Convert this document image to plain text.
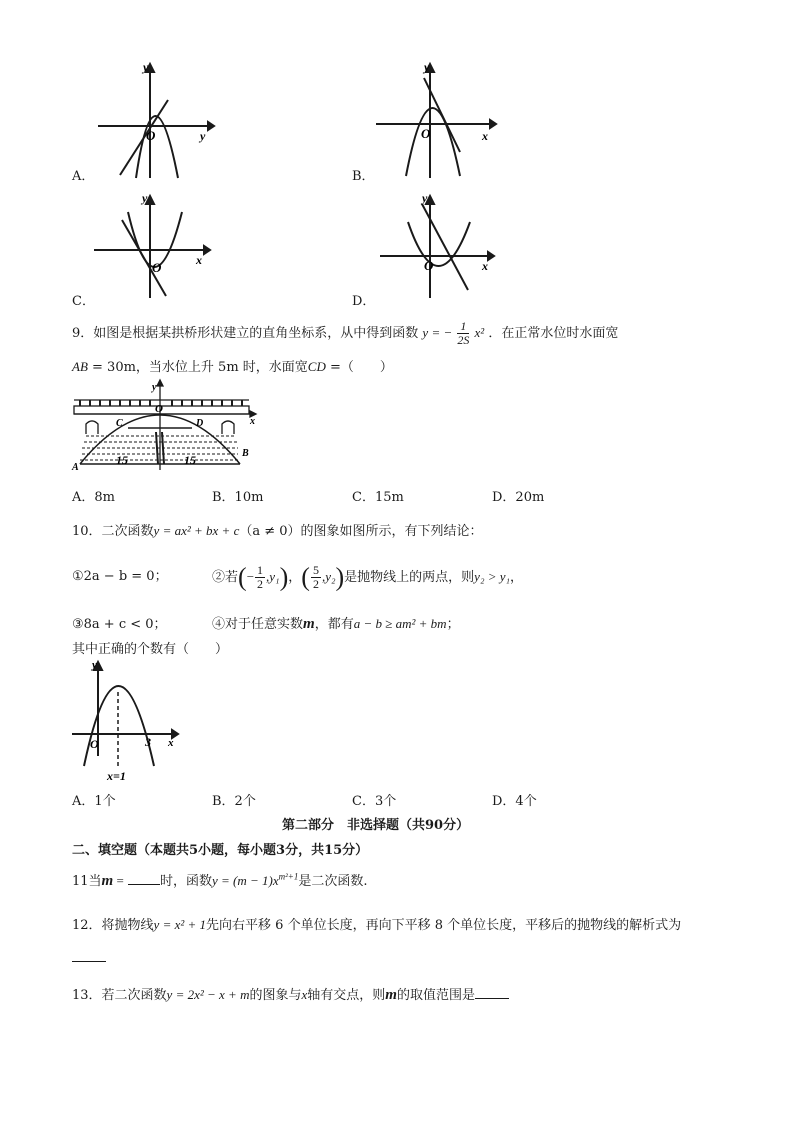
y
O	y
A．
y
O	x
B．
y
O	x
C．
y
O	x
D．
9．如图是根据某拱桥形状建立的直角坐标系，从中得到函数 y = − $\frac{1}{2S} x^2$ ．在正常水位时水面宽
AB = 30m，当水位上升 5m 时，水面宽CD =（　　）
y
O
x
C	D
A
B
15	15
A．8m	B．10m	C．15m	D．20m
10．二次函数y = ax² + bx + c（a ≠ 0）的图象如图所示，有下列结论：
①2a − b = 0；	②若(− $\frac{1}{2} ,y_1$)，( $\frac{5}{2} ,y_2$)是抛物线上的两点，则y₂ > y₁，
③8a + c < 0；	④对于任意实数m，都有a − b ≥ am² + bm；
其中正确的个数有（　　）
y
O	3 x
x=1
A．1个	B．2个	C．3个	D．4个
第二部分　非选择题（共90分）
二、填空题（本题共5小题，每小题3分，共15分）
11当m =	时，函数$y = (m - 1)x^{m^2+1}$是二次函数.
12．将抛物线y = x² + 1先向右平移 6 个单位长度，再向下平移 8 个单位长度，平移后的抛物线的解析式为
13．若二次函数y = 2x² − x + m的图象与x轴有交点，则m的取值范围是
